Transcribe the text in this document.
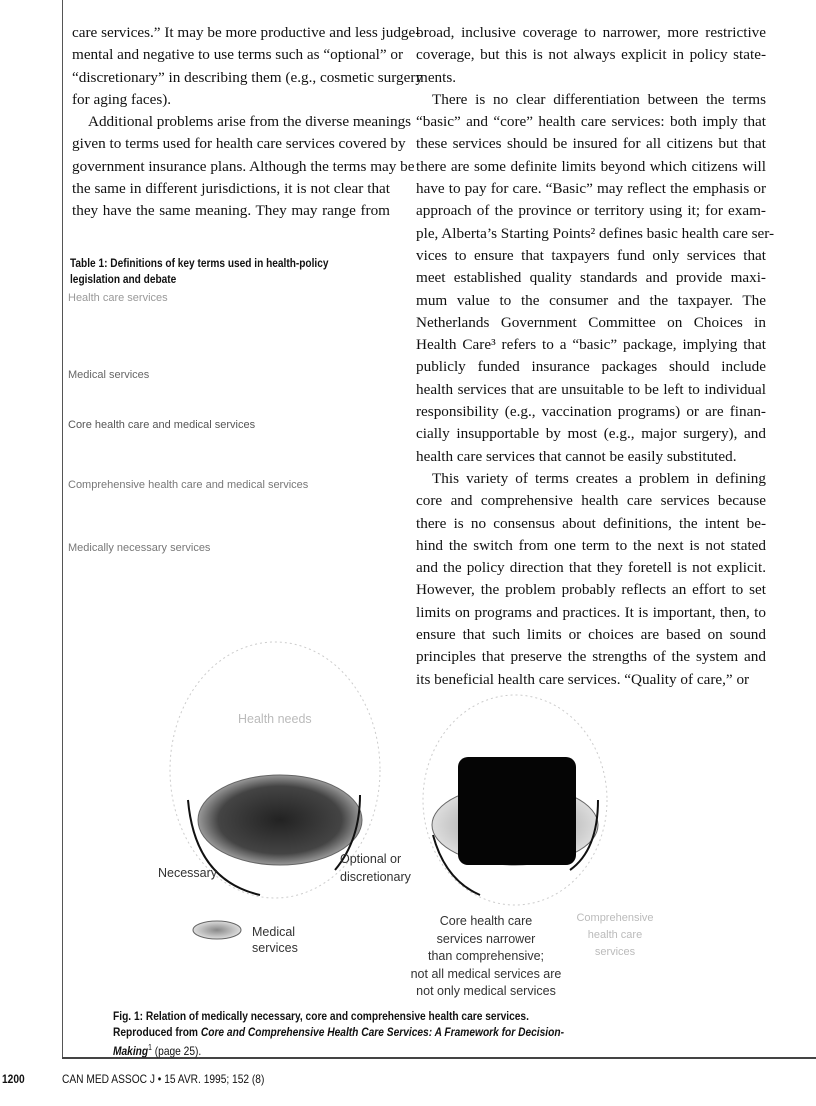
care services.” It may be more productive and less judge-
mental and negative to use terms such as “optional” or
“discretionary” in describing them (e.g., cosmetic surgery
for aging faces).
Additional problems arise from the diverse meanings
given to terms used for health care services covered by
government insurance plans. Although the terms may be
the same in different jurisdictions, it is not clear that
they have the same meaning. They may range from
broad, inclusive coverage to narrower, more restrictive
coverage, but this is not always explicit in policy state-
ments.
There is no clear differentiation between the terms
“basic” and “core” health care services: both imply that
these services should be insured for all citizens but that
there are some definite limits beyond which citizens will
have to pay for care. “Basic” may reflect the emphasis or
approach of the province or territory using it; for exam-
ple, Alberta’s Starting Points² defines basic health care ser-
vices to ensure that taxpayers fund only services that
meet established quality standards and provide maxi-
mum value to the consumer and the taxpayer. The
Netherlands Government Committee on Choices in
Health Care³ refers to a “basic” package, implying that
publicly funded insurance packages should include
health services that are unsuitable to be left to individual
responsibility (e.g., vaccination programs) or are finan-
cially insupportable by most (e.g., major surgery), and
health care services that cannot be easily substituted.
This variety of terms creates a problem in defining
core and comprehensive health care services because
there is no consensus about definitions, the intent be-
hind the switch from one term to the next is not stated
and the policy direction that they foretell is not explicit.
However, the problem probably reflects an effort to set
limits on programs and practices. It is important, then, to
ensure that such limits or choices are based on sound
principles that preserve the strengths of the system and
its beneficial health care services. “Quality of care,” or
Table 1: Definitions of key terms used in health-policy legislation and debate
Health care services
Medical services
Core health care and medical services
Comprehensive health care and medical services
Medically necessary services
Health needs
Necessary
Optional or
discretionary
Medical
services
Core health care
services narrower
than comprehensive;
not all medical services are
not only medical services
Comprehensive
health care
services
Fig. 1: Relation of medically necessary, core and comprehensive health care services. Reproduced from Core and Comprehensive Health Care Services: A Framework for Decision-Making$^1$ (page 25).
1200	CAN MED ASSOC J • 15 AVR. 1995; 152 (8)
